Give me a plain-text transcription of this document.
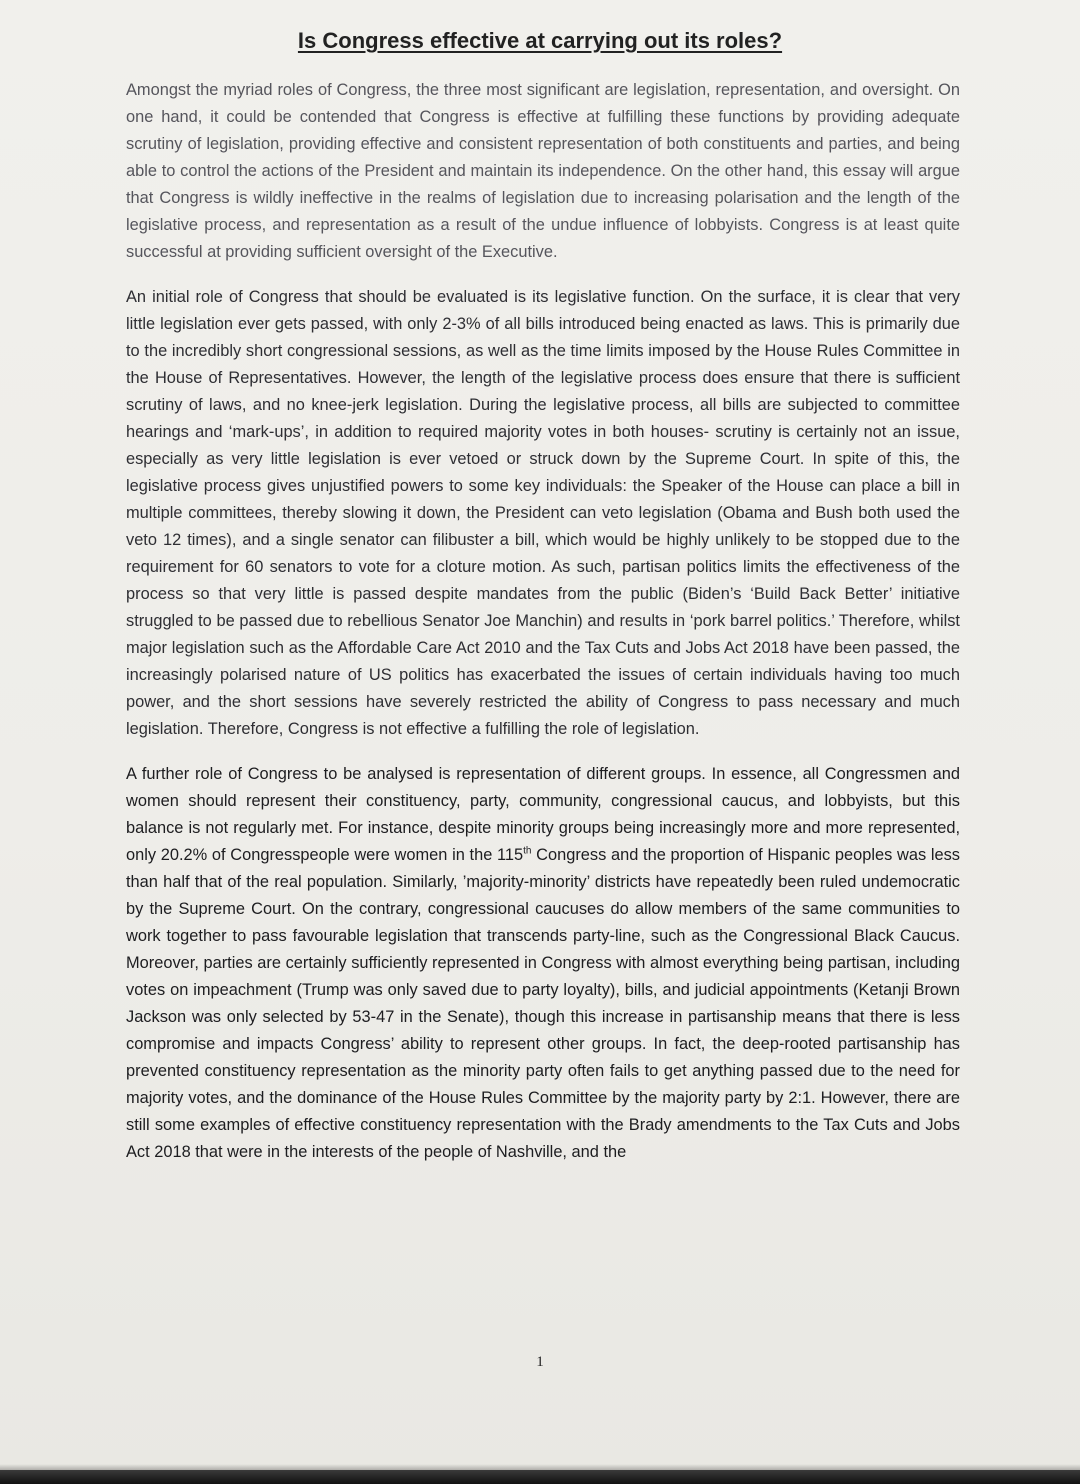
Is Congress effective at carrying out its roles?

Amongst the myriad roles of Congress, the three most significant are legislation, representation, and oversight. On one hand, it could be contended that Congress is effective at fulfilling these functions by providing adequate scrutiny of legislation, providing effective and consistent representation of both constituents and parties, and being able to control the actions of the President and maintain its independence. On the other hand, this essay will argue that Congress is wildly ineffective in the realms of legislation due to increasing polarisation and the length of the legislative process, and representation as a result of the undue influence of lobbyists. Congress is at least quite successful at providing sufficient oversight of the Executive.

An initial role of Congress that should be evaluated is its legislative function. On the surface, it is clear that very little legislation ever gets passed, with only 2-3% of all bills introduced being enacted as laws. This is primarily due to the incredibly short congressional sessions, as well as the time limits imposed by the House Rules Committee in the House of Representatives. However, the length of the legislative process does ensure that there is sufficient scrutiny of laws, and no knee-jerk legislation. During the legislative process, all bills are subjected to committee hearings and ‘mark-ups’, in addition to required majority votes in both houses- scrutiny is certainly not an issue, especially as very little legislation is ever vetoed or struck down by the Supreme Court. In spite of this, the legislative process gives unjustified powers to some key individuals: the Speaker of the House can place a bill in multiple committees, thereby slowing it down, the President can veto legislation (Obama and Bush both used the veto 12 times), and a single senator can filibuster a bill, which would be highly unlikely to be stopped due to the requirement for 60 senators to vote for a cloture motion. As such, partisan politics limits the effectiveness of the process so that very little is passed despite mandates from the public (Biden’s ‘Build Back Better’ initiative struggled to be passed due to rebellious Senator Joe Manchin) and results in ‘pork barrel politics.’ Therefore, whilst major legislation such as the Affordable Care Act 2010 and the Tax Cuts and Jobs Act 2018 have been passed, the increasingly polarised nature of US politics has exacerbated the issues of certain individuals having too much power, and the short sessions have severely restricted the ability of Congress to pass necessary and much legislation. Therefore, Congress is not effective a fulfilling the role of legislation.

A further role of Congress to be analysed is representation of different groups. In essence, all Congressmen and women should represent their constituency, party, community, congressional caucus, and lobbyists, but this balance is not regularly met. For instance, despite minority groups being increasingly more and more represented, only 20.2% of Congresspeople were women in the 115th Congress and the proportion of Hispanic peoples was less than half that of the real population. Similarly, ’majority-minority’ districts have repeatedly been ruled undemocratic by the Supreme Court. On the contrary, congressional caucuses do allow members of the same communities to work together to pass favourable legislation that transcends party-line, such as the Congressional Black Caucus. Moreover, parties are certainly sufficiently represented in Congress with almost everything being partisan, including votes on impeachment (Trump was only saved due to party loyalty), bills, and judicial appointments (Ketanji Brown Jackson was only selected by 53-47 in the Senate), though this increase in partisanship means that there is less compromise and impacts Congress’ ability to represent other groups. In fact, the deep-rooted partisanship has prevented constituency representation as the minority party often fails to get anything passed due to the need for majority votes, and the dominance of the House Rules Committee by the majority party by 2:1. However, there are still some examples of effective constituency representation with the Brady amendments to the Tax Cuts and Jobs Act 2018 that were in the interests of the people of Nashville, and the

1
